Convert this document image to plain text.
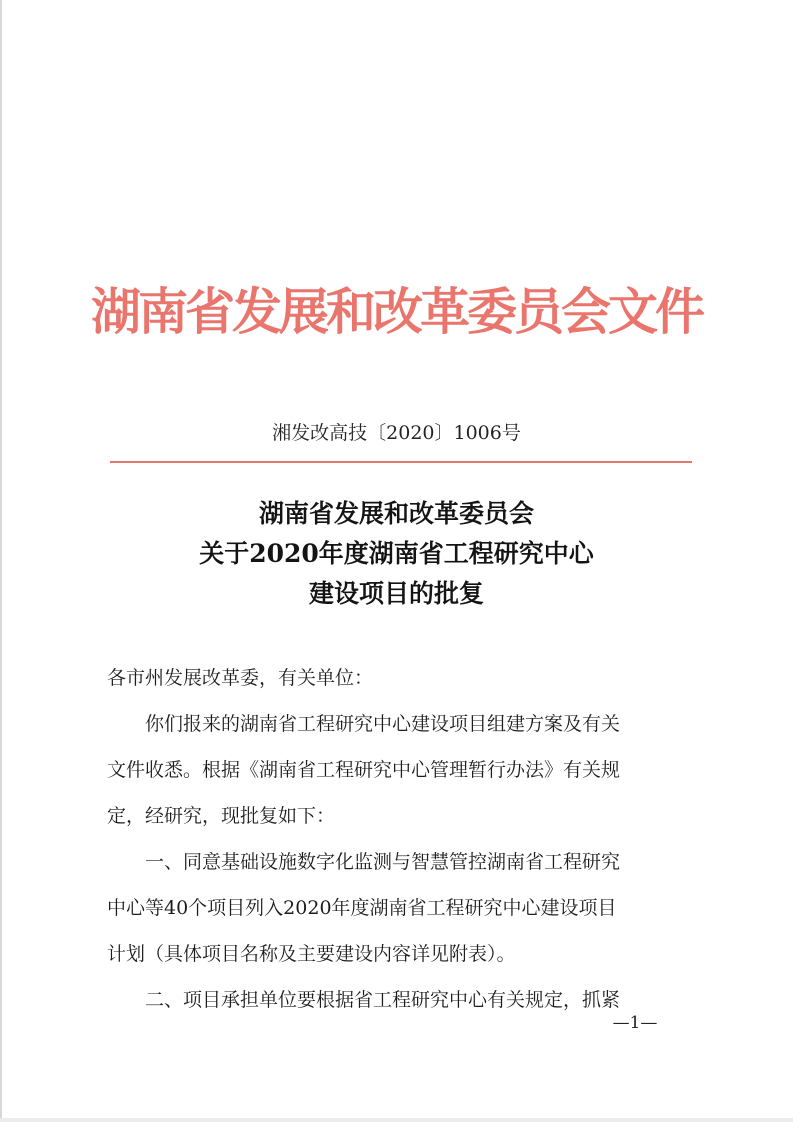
湖南省发展和改革委员会文件
湘发改高技〔2020〕1006号
湖南省发展和改革委员会
关于2020年度湖南省工程研究中心
建设项目的批复
各市州发展改革委，有关单位：
你们报来的湖南省工程研究中心建设项目组建方案及有关
文件收悉。根据《湖南省工程研究中心管理暂行办法》有关规
定，经研究，现批复如下：
一、同意基础设施数字化监测与智慧管控湖南省工程研究
中心等40个项目列入2020年度湖南省工程研究中心建设项目
计划（具体项目名称及主要建设内容详见附表）。
二、项目承担单位要根据省工程研究中心有关规定，抓紧
—1—
